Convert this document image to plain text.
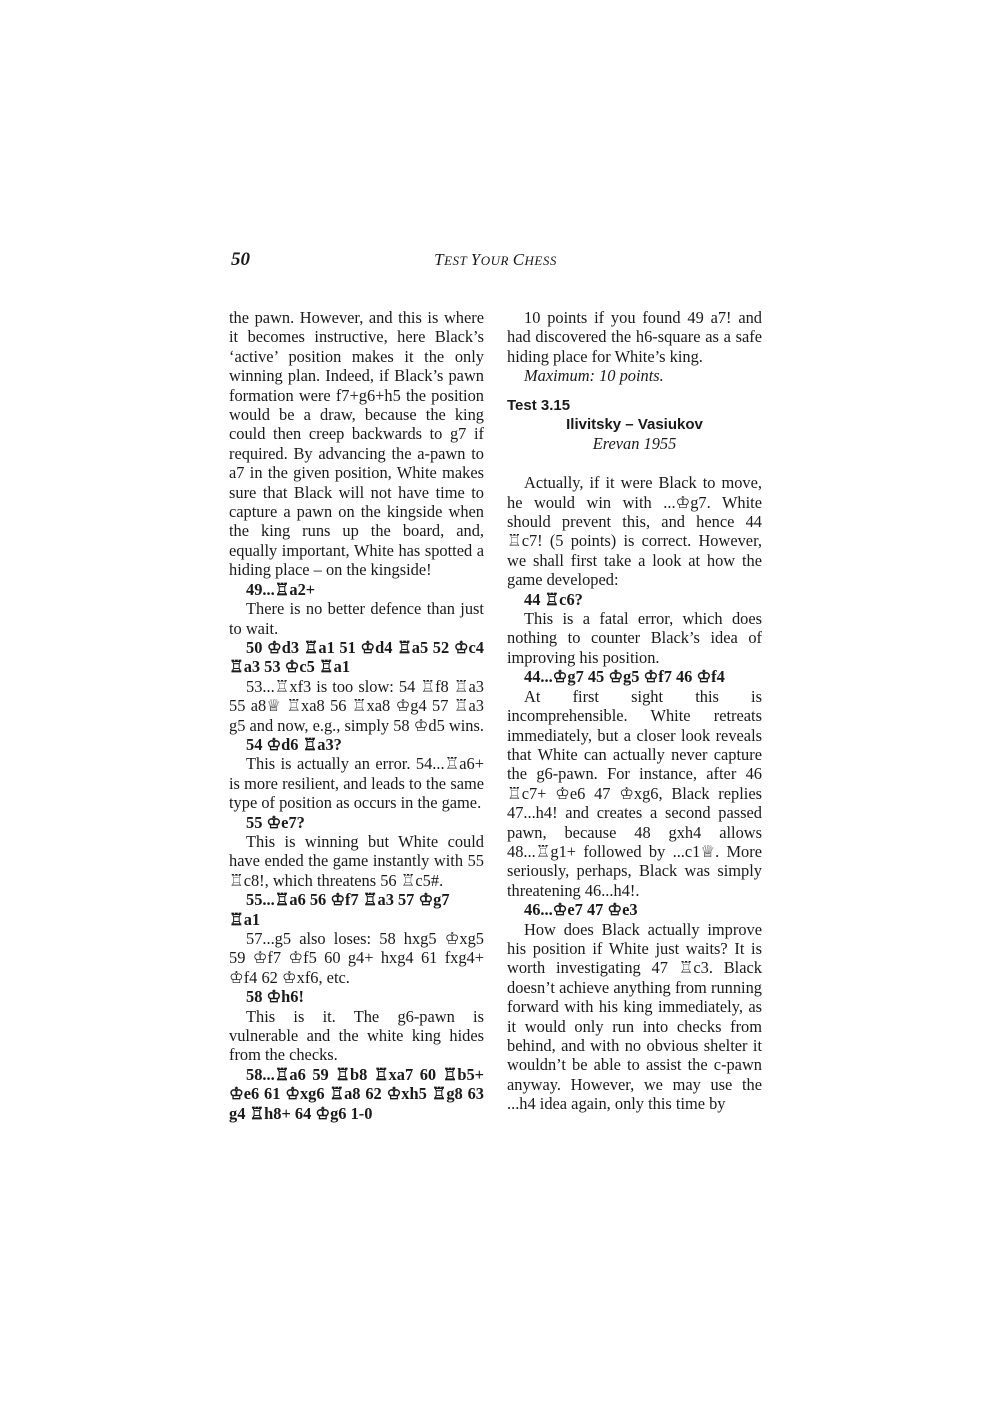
50	TEST YOUR CHESS

the pawn. However, and this is where it becomes instructive, here Black’s ‘active’ position makes it the only winning plan. Indeed, if Black’s pawn formation were f7+g6+h5 the position would be a draw, because the king could then creep backwards to g7 if required. By advancing the a-pawn to a7 in the given position, White makes sure that Black will not have time to capture a pawn on the kingside when the king runs up the board, and, equally important, White has spotted a hiding place – on the kingside!

49...♖a2+

There is no better defence than just to wait.

50 ♔d3 ♖a1 51 ♔d4 ♖a5 52 ♔c4 ♖a3 53 ♔c5 ♖a1

53...♖xf3 is too slow: 54 ♖f8 ♖a3 55 a8♕ ♖xa8 56 ♖xa8 ♔g4 57 ♖a3 g5 and now, e.g., simply 58 ♔d5 wins.

54 ♔d6 ♖a3?

This is actually an error. 54...♖a6+ is more resilient, and leads to the same type of position as occurs in the game.

55 ♔e7?

This is winning but White could have ended the game instantly with 55 ♖c8!, which threatens 56 ♖c5#.

55...♖a6 56 ♔f7 ♖a3 57 ♔g7 ♖a1

57...g5 also loses: 58 hxg5 ♔xg5 59 ♔f7 ♔f5 60 g4+ hxg4 61 fxg4+ ♔f4 62 ♔xf6, etc.

58 ♔h6!

This is it. The g6-pawn is vulnerable and the white king hides from the checks.

58...♖a6 59 ♖b8 ♖xa7 60 ♖b5+ ♔e6 61 ♔xg6 ♖a8 62 ♔xh5 ♖g8 63 g4 ♖h8+ 64 ♔g6 1-0

10 points if you found 49 a7! and had discovered the h6-square as a safe hiding place for White’s king.

Maximum: 10 points.

Test 3.15
Ilivitsky – Vasiukov
Erevan 1955

Actually, if it were Black to move, he would win with ...♔g7. White should prevent this, and hence 44 ♖c7! (5 points) is correct. However, we shall first take a look at how the game developed:

44 ♖c6?

This is a fatal error, which does nothing to counter Black’s idea of improving his position.

44...♔g7 45 ♔g5 ♔f7 46 ♔f4

At first sight this is incomprehensible. White retreats immediately, but a closer look reveals that White can actually never capture the g6-pawn. For instance, after 46 ♖c7+ ♔e6 47 ♔xg6, Black replies 47...h4! and creates a second passed pawn, because 48 gxh4 allows 48...♖g1+ followed by ...c1♕. More seriously, perhaps, Black was simply threatening 46...h4!.

46...♔e7 47 ♔e3

How does Black actually improve his position if White just waits? It is worth investigating 47 ♖c3. Black doesn’t achieve anything from running forward with his king immediately, as it would only run into checks from behind, and with no obvious shelter it wouldn’t be able to assist the c-pawn anyway. However, we may use the ...h4 idea again, only this time by
